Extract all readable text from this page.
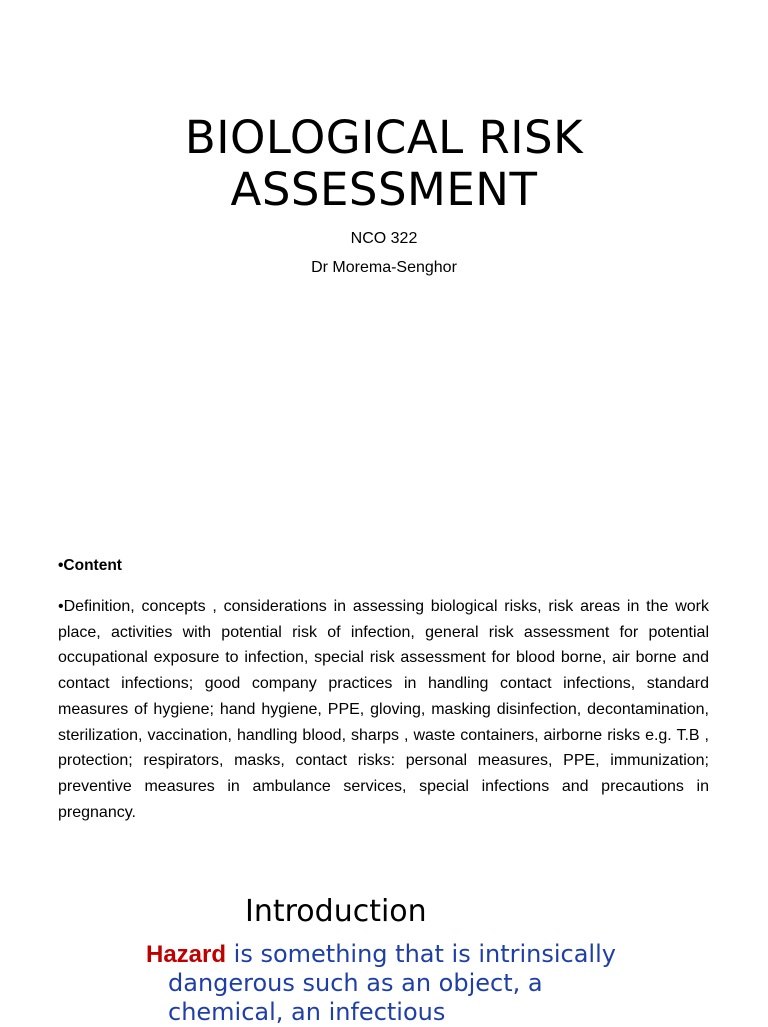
BIOLOGICAL RISK
ASSESSMENT
NCO 322
Dr Morema-Senghor
•Content
•Definition, concepts , considerations in assessing biological risks, risk areas in the work place, activities with potential risk of infection, general risk assessment for potential occupational exposure to infection, special risk assessment for blood borne, air borne and contact infections; good company practices in handling contact infections, standard measures of hygiene; hand hygiene, PPE, gloving, masking disinfection, decontamination, sterilization, vaccination, handling blood, sharps , waste containers, airborne risks e.g. T.B , protection; respirators, masks, contact risks: personal measures, PPE, immunization; preventive measures in ambulance services, special infections and precautions in pregnancy.
Introduction
Hazard is something that is intrinsically dangerous such as an object, a chemical, an infectious
